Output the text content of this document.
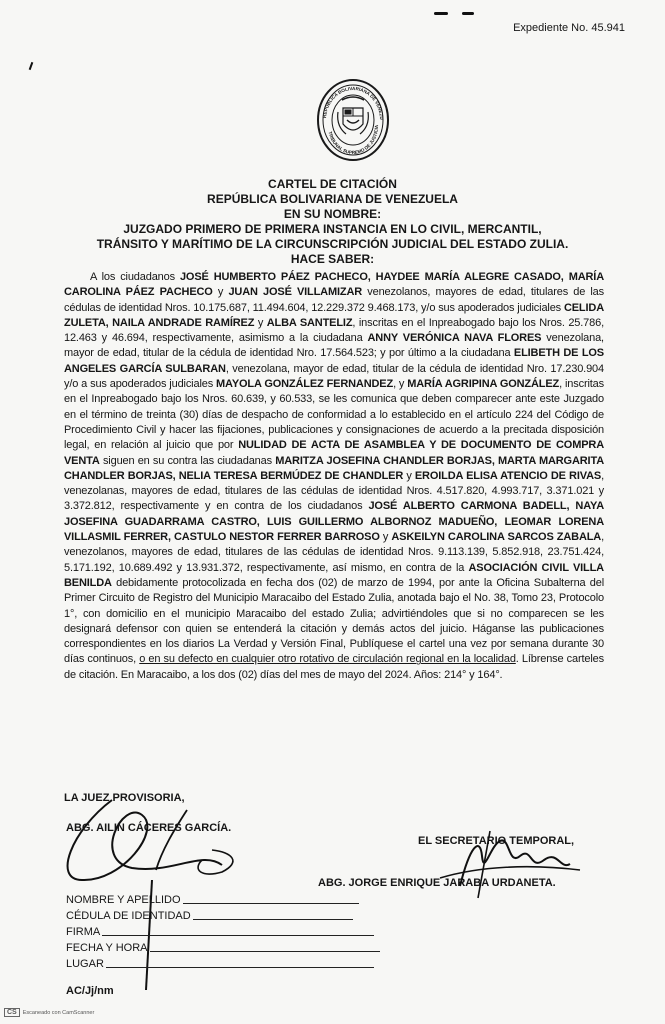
Expediente No. 45.941
REPUBLICA BOLIVARIANA DE VENEZU
TRIBUNAL SUPREMO DE JUSTICIA
CARTEL DE CITACIÓN
REPÚBLICA BOLIVARIANA DE VENEZUELA
EN SU NOMBRE:
JUZGADO PRIMERO DE PRIMERA INSTANCIA EN LO CIVIL, MERCANTIL,
TRÁNSITO Y MARÍTIMO DE LA CIRCUNSCRIPCIÓN JUDICIAL DEL ESTADO ZULIA.
HACE SABER:
A los ciudadanos JOSÉ HUMBERTO PÁEZ PACHECO, HAYDEE MARÍA ALEGRE CASADO, MARÍA CAROLINA PÁEZ PACHECO y JUAN JOSÉ VILLAMIZAR venezolanos, mayores de edad, titulares de las cédulas de identidad Nros. 10.175.687, 11.494.604, 12.229.372 9.468.173, y/o sus apoderados judiciales CELIDA ZULETA, NAILA ANDRADE RAMÍREZ y ALBA SANTELIZ, inscritas en el Inpreabogado bajo los Nros. 25.786, 12.463 y 46.694, respectivamente, asimismo a la ciudadana ANNY VERÓNICA NAVA FLORES venezolana, mayor de edad, titular de la cédula de identidad Nro. 17.564.523; y por último a la ciudadana ELIBETH DE LOS ANGELES GARCÍA SULBARAN, venezolana, mayor de edad, titular de la cédula de identidad Nro. 17.230.904 y/o a sus apoderados judiciales MAYOLA GONZÁLEZ FERNANDEZ, y MARÍA AGRIPINA GONZÁLEZ, inscritas en el Inpreabogado bajo los Nros. 60.639, y 60.533, se les comunica que deben comparecer ante este Juzgado en el término de treinta (30) días de despacho de conformidad a lo establecido en el artículo 224 del Código de Procedimiento Civil y hacer las fijaciones, publicaciones y consignaciones de acuerdo a la precitada disposición legal, en relación al juicio que por NULIDAD DE ACTA DE ASAMBLEA Y DE DOCUMENTO DE COMPRA VENTA siguen en su contra las ciudadanas MARITZA JOSEFINA CHANDLER BORJAS, MARTA MARGARITA CHANDLER BORJAS, NELIA TERESA BERMÚDEZ DE CHANDLER y EROILDA ELISA ATENCIO DE RIVAS, venezolanas, mayores de edad, titulares de las cédulas de identidad Nros. 4.517.820, 4.993.717, 3.371.021 y 3.372.812, respectivamente y en contra de los ciudadanos JOSÉ ALBERTO CARMONA BADELL, NAYA JOSEFINA GUADARRAMA CASTRO, LUIS GUILLERMO ALBORNOZ MADUEÑO, LEOMAR LORENA VILLASMIL FERRER, CASTULO NESTOR FERRER BARROSO y ASKEILYN CAROLINA SARCOS ZABALA, venezolanos, mayores de edad, titulares de las cédulas de identidad Nros. 9.113.139, 5.852.918, 23.751.424, 5.171.192, 10.689.492 y 13.931.372, respectivamente, así mismo, en contra de la ASOCIACIÓN CIVIL VILLA BENILDA debidamente protocolizada en fecha dos (02) de marzo de 1994, por ante la Oficina Subalterna del Primer Circuito de Registro del Municipio Maracaibo del Estado Zulia, anotada bajo el No. 38, Tomo 23, Protocolo 1°, con domicilio en el municipio Maracaibo del estado Zulia; advirtiéndoles que si no comparecen se les designará defensor con quien se entenderá la citación y demás actos del juicio. Háganse las publicaciones correspondientes en los diarios La Verdad y Versión Final, Publíquese el cartel una vez por semana durante 30 días continuos, o en su defecto en cualquier otro rotativo de circulación regional en la localidad. Líbrense carteles de citación. En Maracaibo, a los dos (02) días del mes de mayo del 2024. Años: 214° y 164°.
LA JUEZ PROVISORIA,
ABG. AILIN CÁCERES GARCÍA.
EL SECRETARIO TEMPORAL,
ABG. JORGE ENRIQUE JARABA URDANETA.
NOMBRE Y APELLIDO
CÉDULA DE IDENTIDAD
FIRMA
FECHA Y HORA
LUGAR
AC/Jj/nm
CS	Escaneado con CamScanner
